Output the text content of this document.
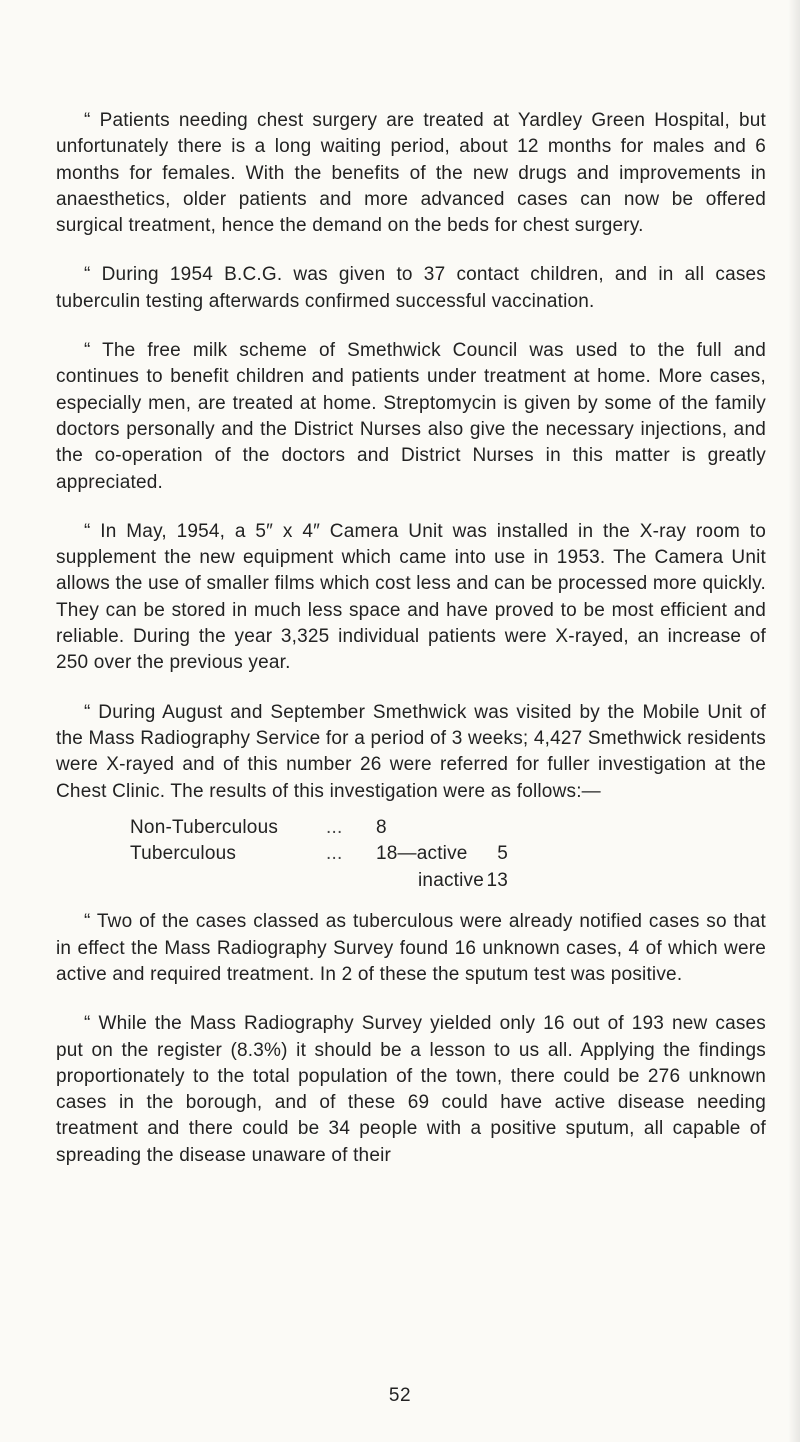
“ Patients needing chest surgery are treated at Yardley Green Hospital, but unfortunately there is a long waiting period, about 12 months for males and 6 months for females. With the benefits of the new drugs and improvements in anaesthetics, older patients and more advanced cases can now be offered surgical treatment, hence the demand on the beds for chest surgery.

“ During 1954 B.C.G. was given to 37 contact children, and in all cases tuberculin testing afterwards confirmed successful vaccination.

“ The free milk scheme of Smethwick Council was used to the full and continues to benefit children and patients under treatment at home. More cases, especially men, are treated at home. Streptomycin is given by some of the family doctors personally and the District Nurses also give the necessary injections, and the co-operation of the doctors and District Nurses in this matter is greatly appreciated.

“ In May, 1954, a 5″ x 4″ Camera Unit was installed in the X-ray room to supplement the new equipment which came into use in 1953. The Camera Unit allows the use of smaller films which cost less and can be processed more quickly. They can be stored in much less space and have proved to be most efficient and reliable. During the year 3,325 individual patients were X-rayed, an increase of 250 over the previous year.

“ During August and September Smethwick was visited by the Mobile Unit of the Mass Radiography Service for a period of 3 weeks; 4,427 Smethwick residents were X-rayed and of this number 26 were referred for fuller investigation at the Chest Clinic. The results of this investigation were as follows:—

Non-Tuberculous	...	8
Tuberculous	...	18—active	5
inactive 13

“ Two of the cases classed as tuberculous were already notified cases so that in effect the Mass Radiography Survey found 16 unknown cases, 4 of which were active and required treatment. In 2 of these the sputum test was positive.

“ While the Mass Radiography Survey yielded only 16 out of 193 new cases put on the register (8.3%) it should be a lesson to us all. Applying the findings proportionately to the total population of the town, there could be 276 unknown cases in the borough, and of these 69 could have active disease needing treatment and there could be 34 people with a positive sputum, all capable of spreading the disease unaware of their

52
